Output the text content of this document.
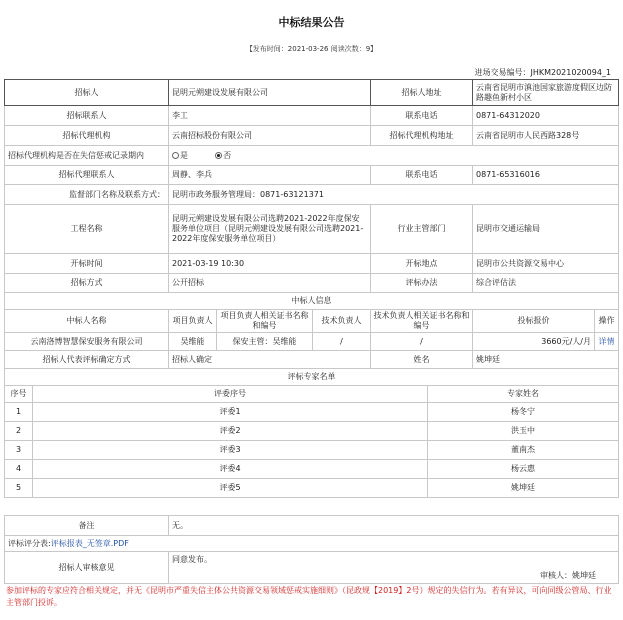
中标结果公告
【发布时间：2021-03-26 阅读次数：9】
进场交易编号：JHKM2021020094_1

招标人			昆明元朔建设发展有限公司				招标人地址		云南省昆明市滇池国家旅游度假区边防路趣鱼新村小区			
招标联系人			李工				联系电话		0871-64312020			
招标代理机构			云南招标股份有限公司				招标代理机构地址		云南省昆明市人民西路328号			
招标代理机构是否在失信惩戒记录期内			是 否									
招标代理联系人			周静、李兵				联系电话		0871-65316016			
监督部门名称及联系方式：			昆明市政务服务管理局：0871-63121371									
工程名称			昆明元朔建设发展有限公司选聘2021-2022年度保安服务单位项目（昆明元朔建设发展有限公司选聘2021-2022年度保安服务单位项目）				行业主管部门		昆明市交通运输局			
开标时间			2021-03-19 10:30				开标地点		昆明市公共资源交易中心			
招标方式			公开招标				评标办法		综合评估法			
中标人信息												
中标人名称			项目负责人	项目负责人相关证书名称和编号		技术负责人	技术负责人相关证书名称和编号		投标报价			操作
云南洛博智慧保安服务有限公司			吴维能	保安主管：吴维能		/	/		3660元/人/月			详情
招标人代表评标确定方式			招标人确定				姓名		姚坤廷			
评标专家名单												
序号	评委序号							专家姓名				
1	评委1							杨冬宁				
2	评委2							洪玉中				
3	评委3							董南杰				
4	评委4							杨云惠				
5	评委5							姚坤廷				
备注	无。
评标评分表:评标报表_无签章.PDF	
招标人审核意见	同意发布。
审核人：姚坤廷
参加评标的专家应符合相关规定，并无《昆明市严重失信主体公共资源交易领域惩戒实施细则》（昆政规【2019】2号）规定的失信行为。若有异议，可向同级公管局、行业主管部门投诉。
